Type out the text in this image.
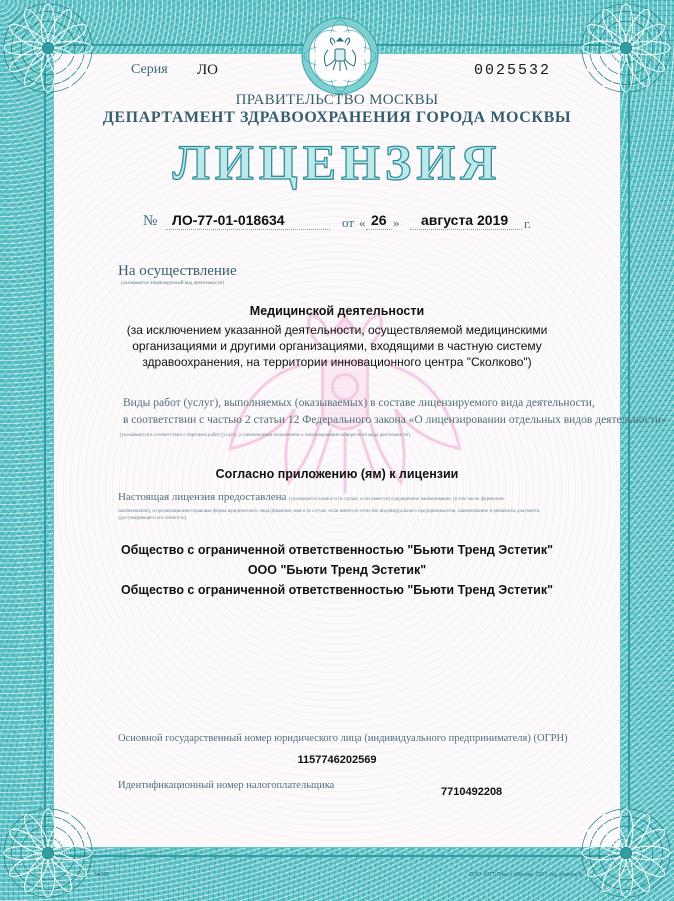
Серия ЛО	0025532
ПРАВИТЕЛЬСТВО МОСКВЫ
ДЕПАРТАМЕНТ ЗДРАВООХРАНЕНИЯ ГОРОДА МОСКВЫ
ЛИЦЕНЗИЯ
№ ЛО-77-01-018634	от « 26 » августа 2019 г.
На осуществление
(указывается лицензируемый вид деятельности)
Медицинской деятельности
(за исключением указанной деятельности, осуществляемой медицинскими организациями и другими организациями, входящими в частную систему здравоохранения, на территории инновационного центра "Сколково")
Виды работ (услуг), выполняемых (оказываемых) в составе лицензируемого вида деятельности,
в соответствии с частью 2 статьи 12 Федерального закона «О лицензировании отдельных видов деятельности»
(указываются в соответствии с перечнем работ (услуг), установленным положением о лицензировании конкретного вида деятельности)
Согласно приложению (ям) к лицензии
Настоящая лицензия предоставлена (указывается полное и (в случае, если имеется) сокращенное наименование, (в том числе фирменное
наименование), и организационно-правовая форма юридического лица (фамилия, имя и (в случае, если имеется) отчество индивидуального предпринимателя, наименование и реквизиты документа, удостоверяющего его личность)
Общество с ограниченной ответственностью "Бьюти Тренд Эстетик"
ООО "Бьюти Тренд Эстетик"
Общество с ограниченной ответственностью "Бьюти Тренд Эстетик"
Основной государственный номер юридического лица (индивидуального предпринимателя) (ОГРН)
1157746202569
Идентификационный номер налогоплательщика
7710492208
94326	ООО «ИТТ-Плюс» г.Москва, 2017 год, уровень Б
